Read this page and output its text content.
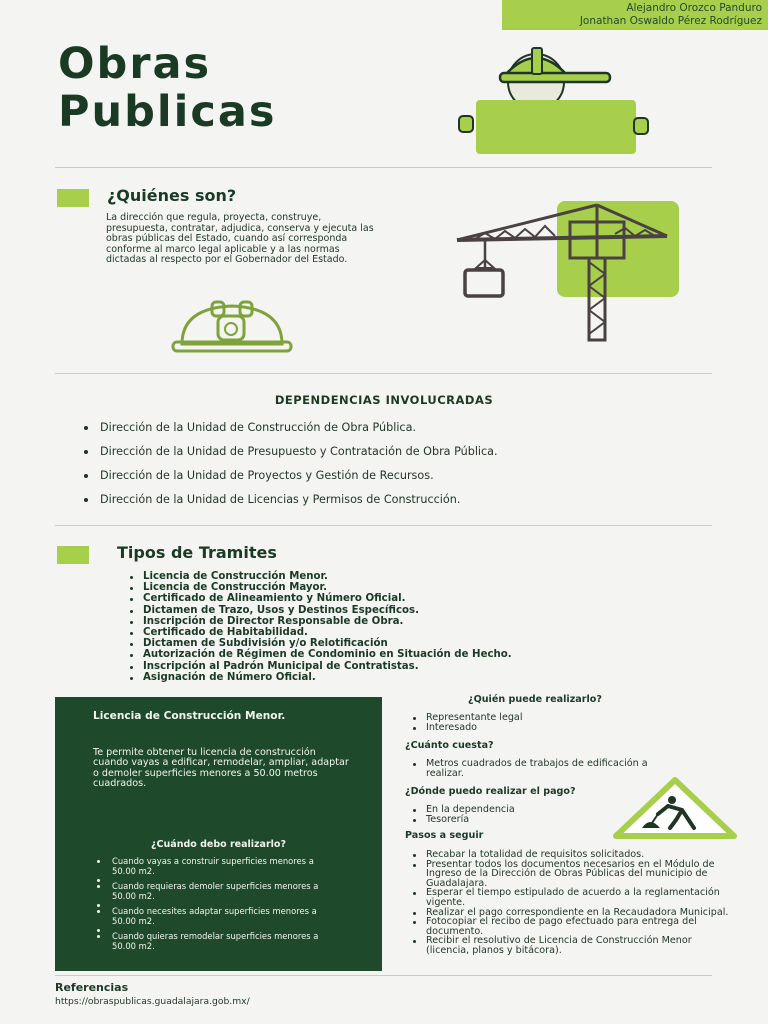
Alejandro Orozco Panduro
Jonathan Oswaldo Pérez Rodríguez
Obras
Publicas
¿Quiénes son?
La dirección que regula, proyecta, construye, presupuesta, contratar, adjudica, conserva y ejecuta las obras públicas del Estado, cuando así corresponda conforme al marco legal aplicable y a las normas dictadas al respecto por el Gobernador del Estado.
DEPENDENCIAS INVOLUCRADAS
Dirección de la Unidad de Construcción de Obra Pública.
Dirección de la Unidad de Presupuesto y Contratación de Obra Pública.
Dirección de la Unidad de Proyectos y Gestión de Recursos.
Dirección de la Unidad de Licencias y Permisos de Construcción.
Tipos de Tramites
Licencia de Construcción Menor.
Licencia de Construcción Mayor.
Certificado de Alineamiento y Número Oficial.
Dictamen de Trazo, Usos y Destinos Específicos.
Inscripción de Director Responsable de Obra.
Certificado de Habitabilidad.
Dictamen de Subdivisión y/o Relotificación
Autorización de Régimen de Condominio en Situación de Hecho.
Inscripción al Padrón Municipal de Contratistas.
Asignación de Número Oficial.
Licencia de Construcción Menor.
Te permite obtener tu licencia de construcción cuando vayas a edificar, remodelar, ampliar, adaptar o demoler superficies menores a 50.00 metros cuadrados.
¿Cuándo debo realizarlo?
Cuando vayas a construir superficies menores a 50.00 m2.
Cuando requieras demoler superficies menores a 50.00 m2.
Cuando necesites adaptar superficies menores a 50.00 m2.
Cuando quieras remodelar superficies menores a 50.00 m2.
¿Quién puede realizarlo?
Representante legal
Interesado
¿Cuánto cuesta?
Metros cuadrados de trabajos de edificación a realizar.
¿Dónde puedo realizar el pago?
En la dependencia
Tesorería
Pasos a seguir
Recabar la totalidad de requisitos solicitados.
Presentar todos los documentos necesarios en el Módulo de Ingreso de la Dirección de Obras Públicas del municipio de Guadalajara.
Esperar el tiempo estipulado de acuerdo a la reglamentación vigente.
Realizar el pago correspondiente en la Recaudadora Municipal.
Fotocopiar el recibo de pago efectuado para entrega del documento.
Recibir el resolutivo de Licencia de Construcción Menor (licencia, planos y bitácora).
Referencias
https://obraspublicas.guadalajara.gob.mx/
